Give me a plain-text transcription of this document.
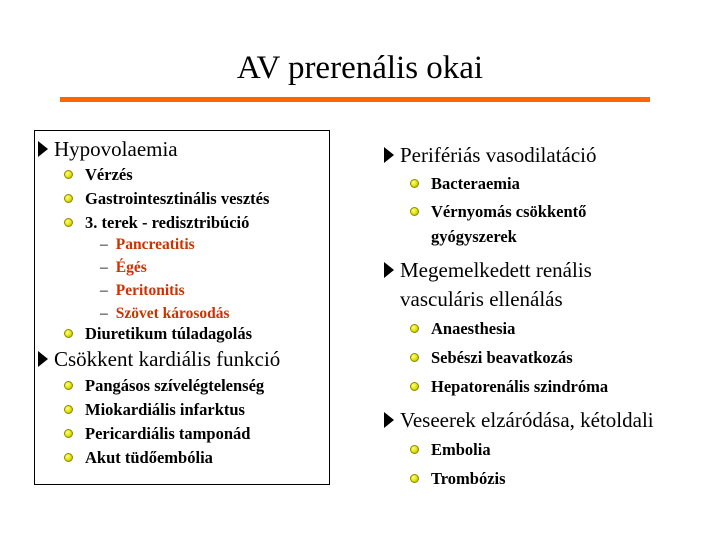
AV prerenális okai
Hypovolaemia
Vérzés
Gastrointesztinális vesztés
3. terek - redisztribúció
– Pancreatitis
– Égés
– Peritonitis
– Szövet károsodás
Diuretikum túladagolás
Csökkent kardiális funkció
Pangásos szívelégtelenség
Miokardiális infarktus
Pericardiális tamponád
Akut tüdőembólia
Perifériás vasodilatáció
Bacteraemia
Vérnyomás csökkentő
gyógyszerek
Megemelkedett renális
vasculáris ellenálás
Anaesthesia
Sebészi beavatkozás
Hepatorenális szindróma
Veseerek elzáródása, kétoldali
Embolia
Trombózis
